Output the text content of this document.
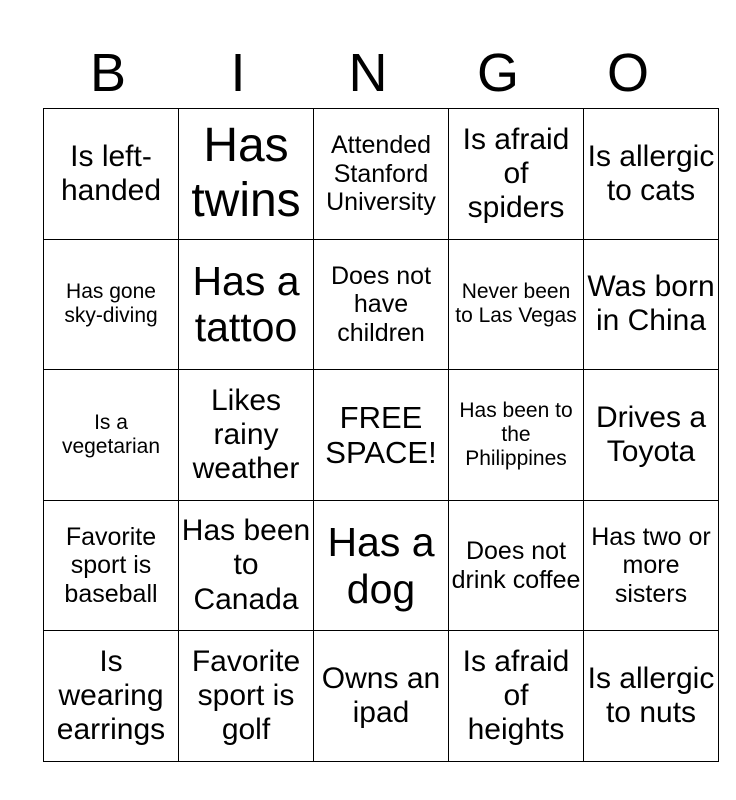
B	I	N	G	O
Is left-handed	Has twins	Attended Stanford University	Is afraid of spiders	Is allergic to cats
Has gone sky-diving	Has a tattoo	Does not have children	Never been to Las Vegas	Was born in China
Is a vegetarian	Likes rainy weather	FREE SPACE!	Has been to the Philippines	Drives a Toyota
Favorite sport is baseball	Has been to Canada	Has a dog	Does not drink coffee	Has two or more sisters
Is wearing earrings	Favorite sport is golf	Owns an ipad	Is afraid of heights	Is allergic to nuts
